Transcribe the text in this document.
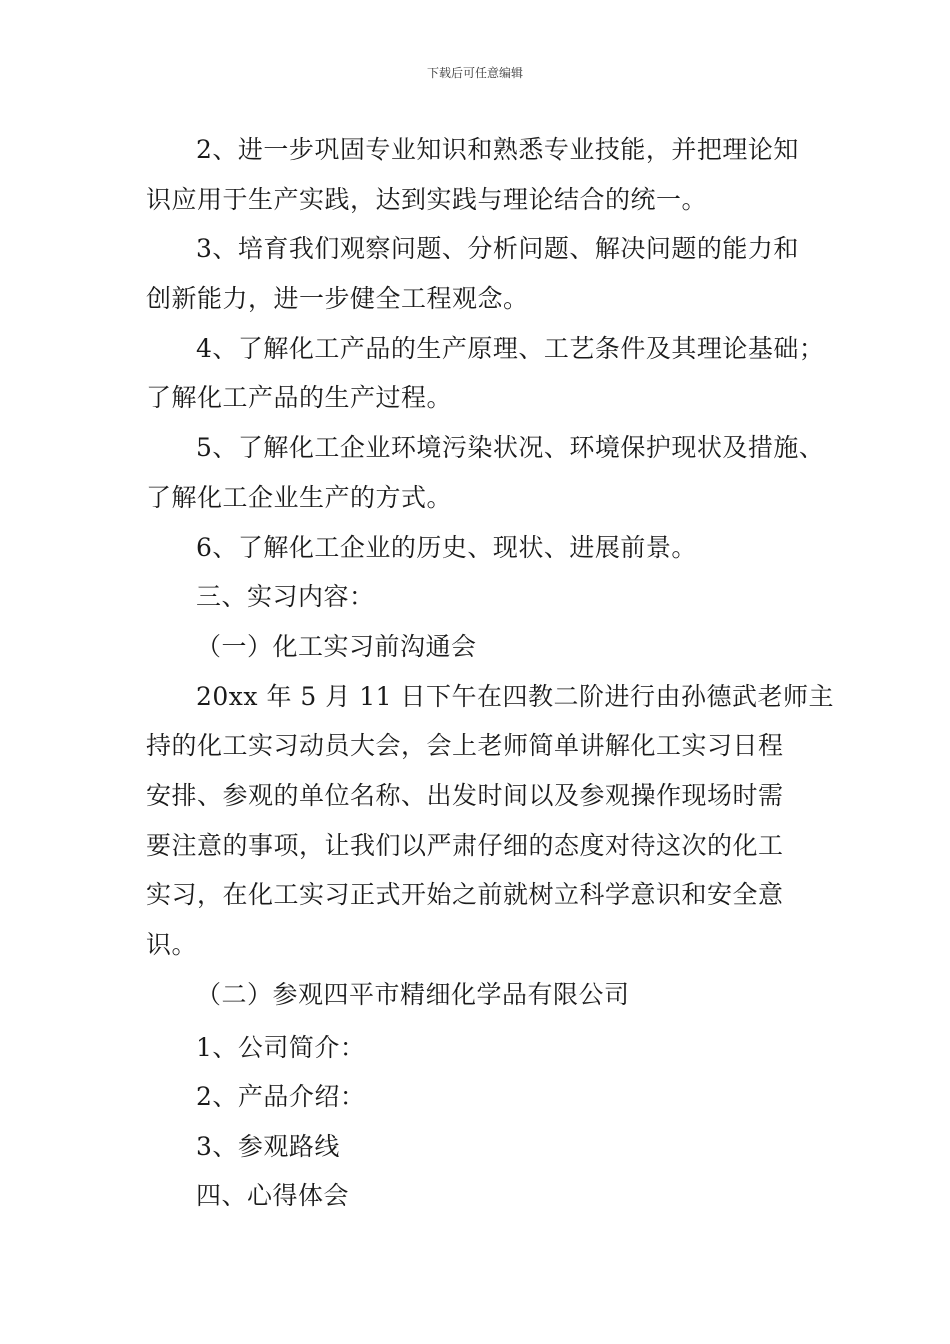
下载后可任意编辑
2、进一步巩固专业知识和熟悉专业技能，并把理论知
识应用于生产实践，达到实践与理论结合的统一。
3、培育我们观察问题、分析问题、解决问题的能力和
创新能力，进一步健全工程观念。
4、了解化工产品的生产原理、工艺条件及其理论基础；
了解化工产品的生产过程。
5、了解化工企业环境污染状况、环境保护现状及措施、
了解化工企业生产的方式。
6、了解化工企业的历史、现状、进展前景。
三、实习内容：
（一）化工实习前沟通会
20xx 年 5 月 11 日下午在四教二阶进行由孙德武老师主
持的化工实习动员大会，会上老师简单讲解化工实习日程
安排、参观的单位名称、出发时间以及参观操作现场时需
要注意的事项，让我们以严肃仔细的态度对待这次的化工
实习，在化工实习正式开始之前就树立科学意识和安全意
识。
（二）参观四平市精细化学品有限公司
1、公司简介：
2、产品介绍：
3、参观路线
四、心得体会
